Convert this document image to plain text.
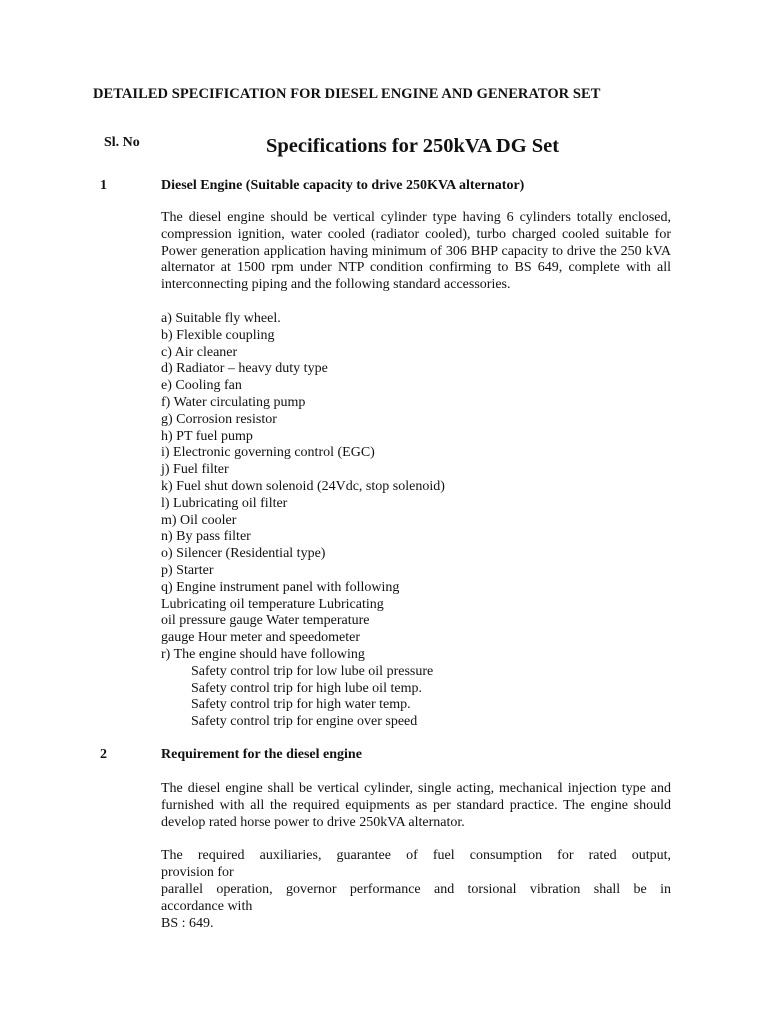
DETAILED SPECIFICATION FOR DIESEL ENGINE AND GENERATOR SET
Sl. No	Specifications for 250kVA DG Set
1	Diesel Engine (Suitable capacity to drive 250KVA alternator)
The diesel engine should be vertical cylinder type having 6 cylinders totally enclosed, compression ignition, water cooled (radiator cooled), turbo charged cooled suitable for Power generation application having minimum of 306 BHP capacity to drive the 250 kVA alternator at 1500 rpm under NTP condition confirming to BS 649, complete with all interconnecting piping and the following standard accessories.
a) Suitable fly wheel.
b) Flexible coupling
c) Air cleaner
d) Radiator – heavy duty type
e) Cooling fan
f) Water circulating pump
g) Corrosion resistor
h) PT fuel pump
i) Electronic governing control (EGC)
j) Fuel filter
k) Fuel shut down solenoid (24Vdc, stop solenoid)
l) Lubricating oil filter
m) Oil cooler
n) By pass filter
o) Silencer (Residential type)
p) Starter
q) Engine instrument panel with following
Lubricating oil temperature Lubricating
oil pressure gauge Water temperature
gauge Hour meter and speedometer
r) The engine should have following
Safety control trip for low lube oil pressure
Safety control trip for high lube oil temp.
Safety control trip for high water temp.
Safety control trip for engine over speed
2	Requirement for the diesel engine
The diesel engine shall be vertical cylinder, single acting, mechanical injection type and furnished with all the required equipments as per standard practice. The engine should develop rated horse power to drive 250kVA alternator.
The required auxiliaries, guarantee of fuel consumption for rated output,
provision for
parallel operation, governor performance and torsional vibration shall be in
accordance with
BS : 649.
